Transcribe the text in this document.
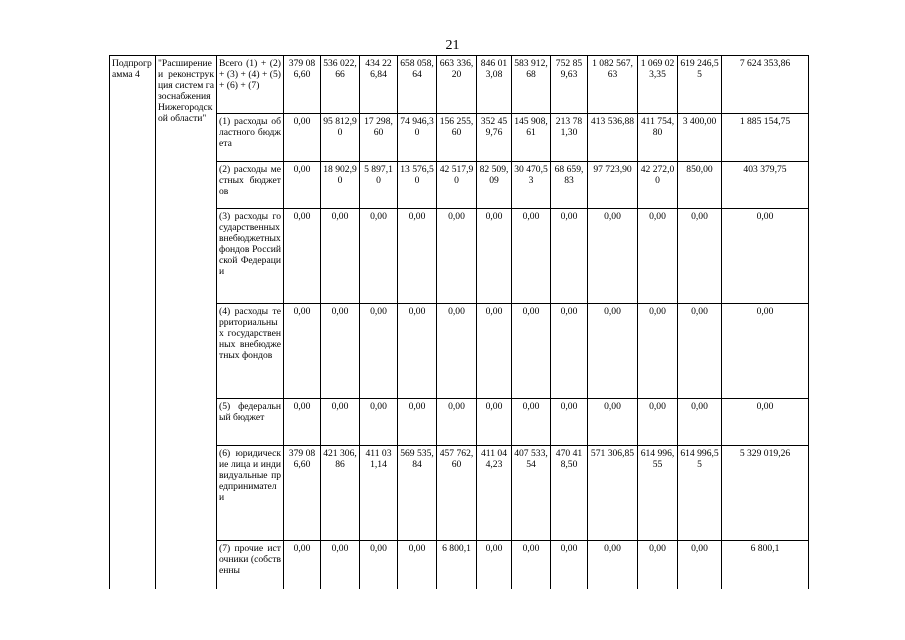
21
Подпрограмма 4	"Расширение и реконструкция систем газоснабжения Нижегородской области"	Всего (1) + (2) + (3) + (4) + (5) + (6) + (7)	379 086,60	536 022,66	434 226,84	658 058,64	663 336,20	846 013,08	583 912,68	752 859,63	1 082 567,63	1 069 023,35	619 246,55	7 624 353,86
		(1) расходы областного бюджета	0,00	95 812,90	17 298,60	74 946,30	156 255,60	352 459,76	145 908,61	213 781,30	413 536,88	411 754,80	3 400,00	1 885 154,75
		(2) расходы местных бюджетов	0,00	18 902,90	5 897,10	13 576,50	42 517,90	82 509,09	30 470,53	68 659,83	97 723,90	42 272,00	850,00	403 379,75
		(3) расходы государственных внебюджетных фондов Российской Федерации	0,00	0,00	0,00	0,00	0,00	0,00	0,00	0,00	0,00	0,00	0,00	0,00
		(4) расходы территориальных государственных внебюджетных фондов	0,00	0,00	0,00	0,00	0,00	0,00	0,00	0,00	0,00	0,00	0,00	0,00
		(5) федеральный бюджет	0,00	0,00	0,00	0,00	0,00	0,00	0,00	0,00	0,00	0,00	0,00	0,00
		(6) юридические лица и индивидуальные предприниматели	379 086,60	421 306,86	411 031,14	569 535,84	457 762,60	411 044,23	407 533,54	470 418,50	571 306,85	614 996,55	614 996,55	5 329 019,26
		(7) прочие источники (собственны	0,00	0,00	0,00	0,00	6 800,1	0,00	0,00	0,00	0,00	0,00	0,00	6 800,1
